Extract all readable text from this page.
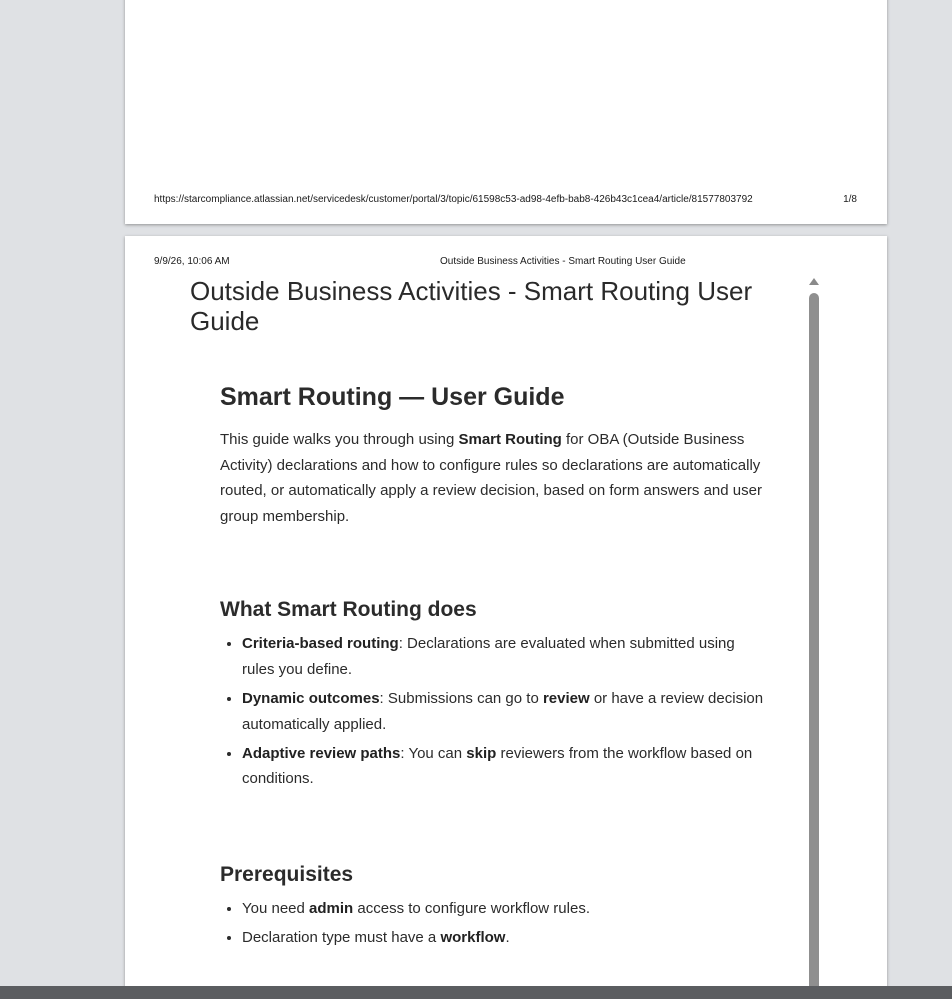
https://starcompliance.atlassian.net/servicedesk/customer/portal/3/topic/61598c53-ad98-4efb-bab8-426b43c1cea4/article/81577803792	1/8
9/9/26, 10:06 AM	Outside Business Activities - Smart Routing User Guide
Outside Business Activities - Smart Routing User Guide
Smart Routing — User Guide

This guide walks you through using Smart Routing for OBA (Outside Business Activity) declarations and how to configure rules so declarations are automatically routed, or automatically apply a review decision, based on form answers and user group membership.

What Smart Routing does
• Criteria-based routing: Declarations are evaluated when submitted using rules you define.
• Dynamic outcomes: Submissions can go to review or have a review decision automatically applied.
• Adaptive review paths: You can skip reviewers from the workflow based on conditions.
Prerequisites
• You need admin access to configure workflow rules.
• Declaration type must have a workflow.
